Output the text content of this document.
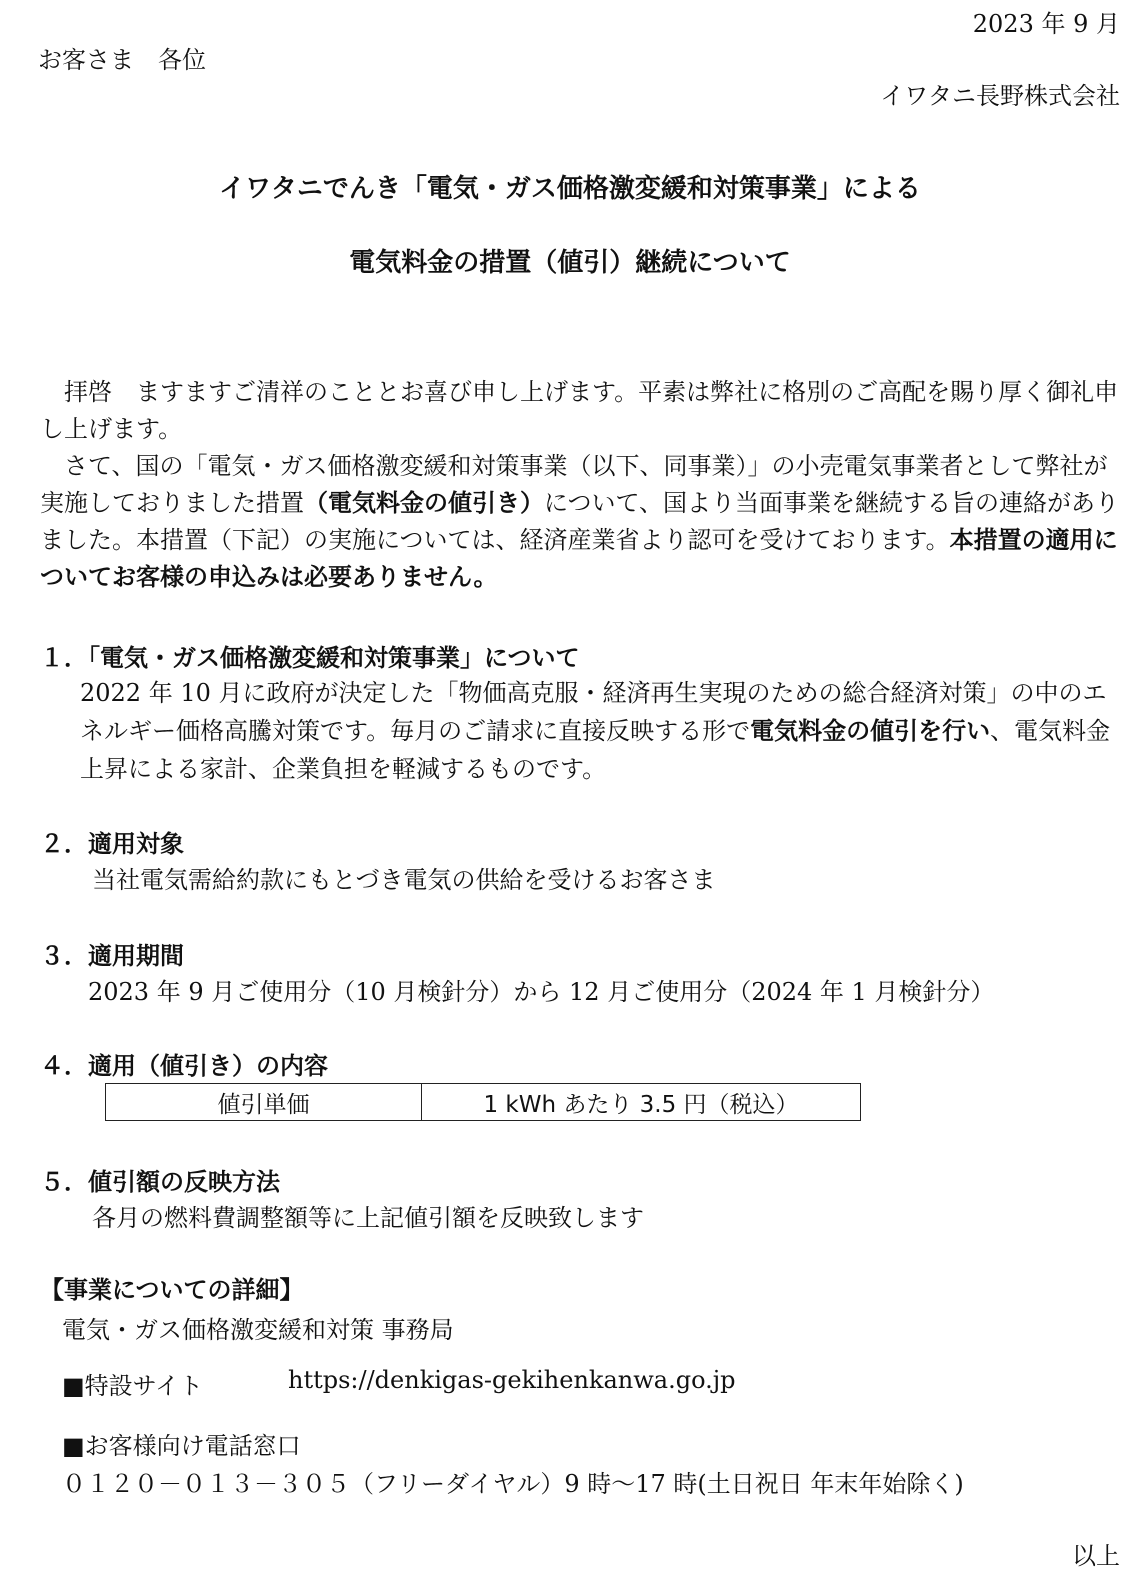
2023 年 9 月
お客さま　各位
イワタニ長野株式会社
イワタニでんき「電気・ガス価格激変緩和対策事業」による
電気料金の措置（値引）継続について
拝啓　ますますご清祥のこととお喜び申し上げます。平素は弊社に格別のご高配を賜り厚く御礼申し上げます。
さて、国の「電気・ガス価格激変緩和対策事業（以下、同事業）」の小売電気事業者として弊社が実施しておりました措置（電気料金の値引き）について、国より当面事業を継続する旨の連絡がありました。本措置（下記）の実施については、経済産業省より認可を受けております。本措置の適用についてお客様の申込みは必要ありません。
１．「電気・ガス価格激変緩和対策事業」について
2022 年 10 月に政府が決定した「物価高克服・経済再生実現のための総合経済対策」の中のエネルギー価格高騰対策です。毎月のご請求に直接反映する形で電気料金の値引を行い、電気料金上昇による家計、企業負担を軽減するものです。
２．適用対象
当社電気需給約款にもとづき電気の供給を受けるお客さま
３．適用期間
2023 年 9 月ご使用分（10 月検針分）から 12 月ご使用分（2024 年 1 月検針分）
４．適用（値引き）の内容
値引単価	1 kWh あたり 3.5 円（税込）
５．値引額の反映方法
各月の燃料費調整額等に上記値引額を反映致します
【事業についての詳細】
電気・ガス価格激変緩和対策 事務局
■特設サイト	https://denkigas-gekihenkanwa.go.jp
■お客様向け電話窓口
０１２０－０１３－３０５（フリーダイヤル）9 時～17 時(土日祝日 年末年始除く)
以上
